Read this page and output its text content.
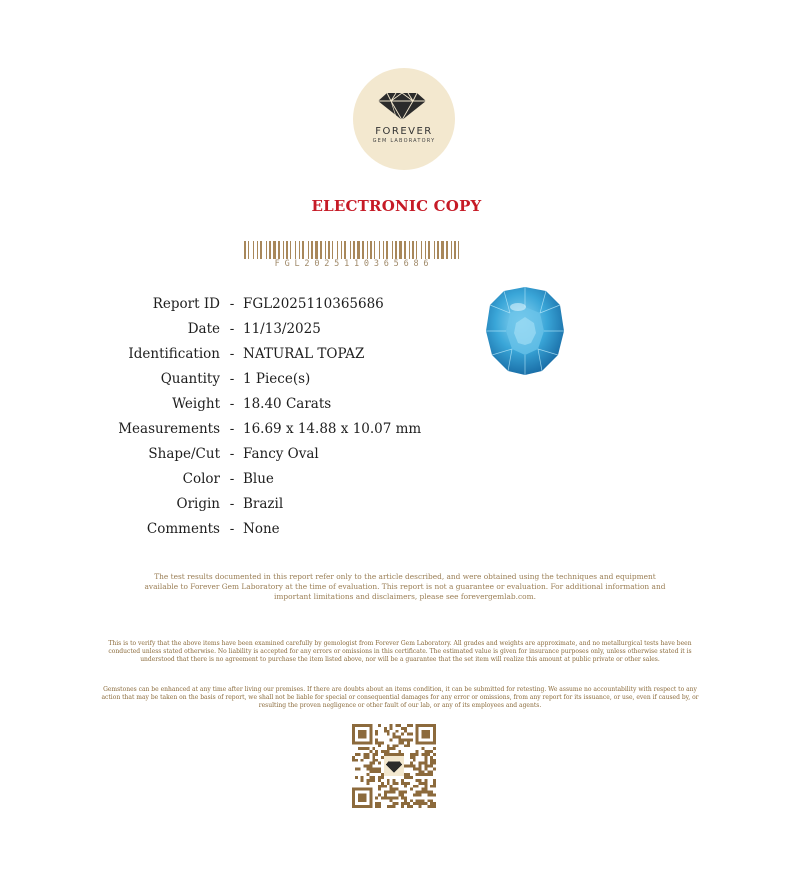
FOREVER
GEM LABORATORY
ELECTRONIC COPY
FGL2025110365686
Report ID - FGL2025110365686
Date - 11/13/2025
Identification - NATURAL TOPAZ
Quantity - 1 Piece(s)
Weight - 18.40 Carats
Measurements - 16.69 x 14.88 x 10.07 mm
Shape/Cut - Fancy Oval
Color - Blue
Origin - Brazil
Comments - None
The test results documented in this report refer only to the article described, and were obtained using the techniques and equipment available to Forever Gem Laboratory at the time of evaluation. This report is not a guarantee or evaluation. For additional information and important limitations and disclaimers, please see forevergemlab.com.
This is to verify that the above items have been examined carefully by gemologist from Forever Gem Laboratory. All grades and weights are approximate, and no metallurgical tests have been conducted unless stated otherwise. No liability is accepted for any errors or omissions in this certificate. The estimated value is given for insurance purposes only, unless otherwise stated it is understood that there is no agreement to purchase the item listed above, nor will be a guarantee that the set item will realize this amount at public private or other sales.
Gemstones can be enhanced at any time after living our premises. If there are doubts about an items condition, it can be submitted for retesting. We assume no accountability with respect to any action that may be taken on the basis of report, we shall not be liable for special or consequential damages for any error or omissions, from any report for its issuance, or use, even if caused by, or resulting the proven negligence or other fault of our lab, or any of its employees and agents.
